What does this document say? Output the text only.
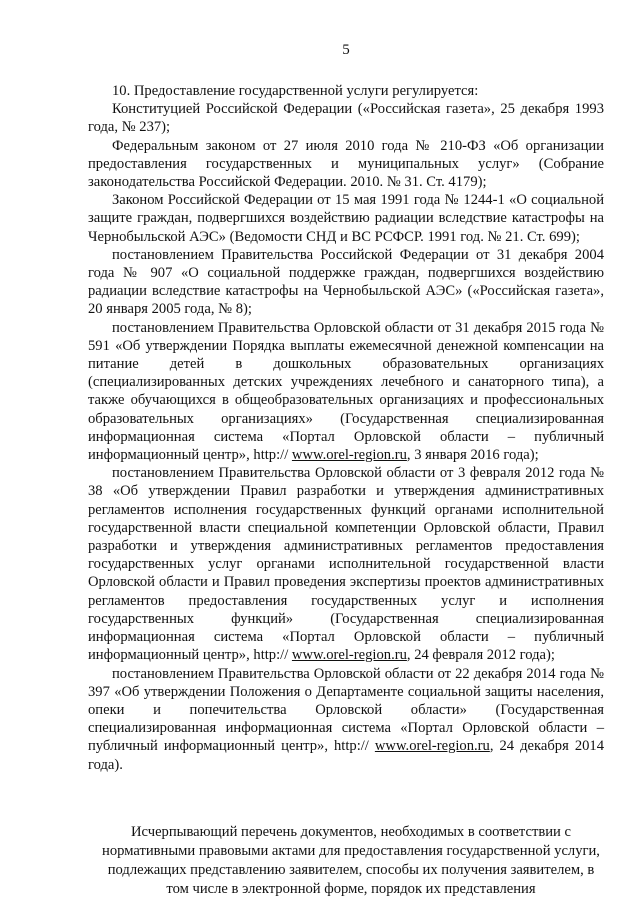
5

10. Предоставление государственной услуги регулируется:

Конституцией Российской Федерации («Российская газета», 25 декабря 1993 года, № 237);

Федеральным законом от 27 июля 2010 года № 210-ФЗ «Об организации предоставления государственных и муниципальных услуг» (Собрание законодательства Российской Федерации. 2010. № 31. Ст. 4179);

Законом Российской Федерации от 15 мая 1991 года № 1244-1 «О социальной защите граждан, подвергшихся воздействию радиации вследствие катастрофы на Чернобыльской АЭС» (Ведомости СНД и ВС РСФСР. 1991 год. № 21. Ст. 699);

постановлением Правительства Российской Федерации от 31 декабря 2004 года № 907 «О социальной поддержке граждан, подвергшихся воздействию радиации вследствие катастрофы на Чернобыльской АЭС» («Российская газета», 20 января 2005 года, № 8);

постановлением Правительства Орловской области от 31 декабря 2015 года № 591 «Об утверждении Порядка выплаты ежемесячной денежной компенсации на питание детей в дошкольных образовательных организациях (специализированных детских учреждениях лечебного и санаторного типа), а также обучающихся в общеобразовательных организациях и профессиональных образовательных организациях» (Государственная специализированная информационная система «Портал Орловской области – публичный информационный центр», http:// www.orel-region.ru, 3 января 2016 года);

постановлением Правительства Орловской области от 3 февраля 2012 года № 38 «Об утверждении Правил разработки и утверждения административных регламентов исполнения государственных функций органами исполнительной государственной власти специальной компетенции Орловской области, Правил разработки и утверждения административных регламентов предоставления государственных услуг органами исполнительной государственной власти Орловской области и Правил проведения экспертизы проектов административных регламентов предоставления государственных услуг и исполнения государственных функций» (Государственная специализированная информационная система «Портал Орловской области – публичный информационный центр», http:// www.orel-region.ru, 24 февраля 2012 года);

постановлением Правительства Орловской области от 22 декабря 2014 года № 397 «Об утверждении Положения о Департаменте социальной защиты населения, опеки и попечительства Орловской области» (Государственная специализированная информационная система «Портал Орловской области – публичный информационный центр», http:// www.orel-region.ru, 24 декабря 2014 года).

Исчерпывающий перечень документов, необходимых в соответствии с
нормативными правовыми актами для предоставления государственной услуги,
подлежащих представлению заявителем, способы их получения заявителем, в
том числе в электронной форме, порядок их представления
